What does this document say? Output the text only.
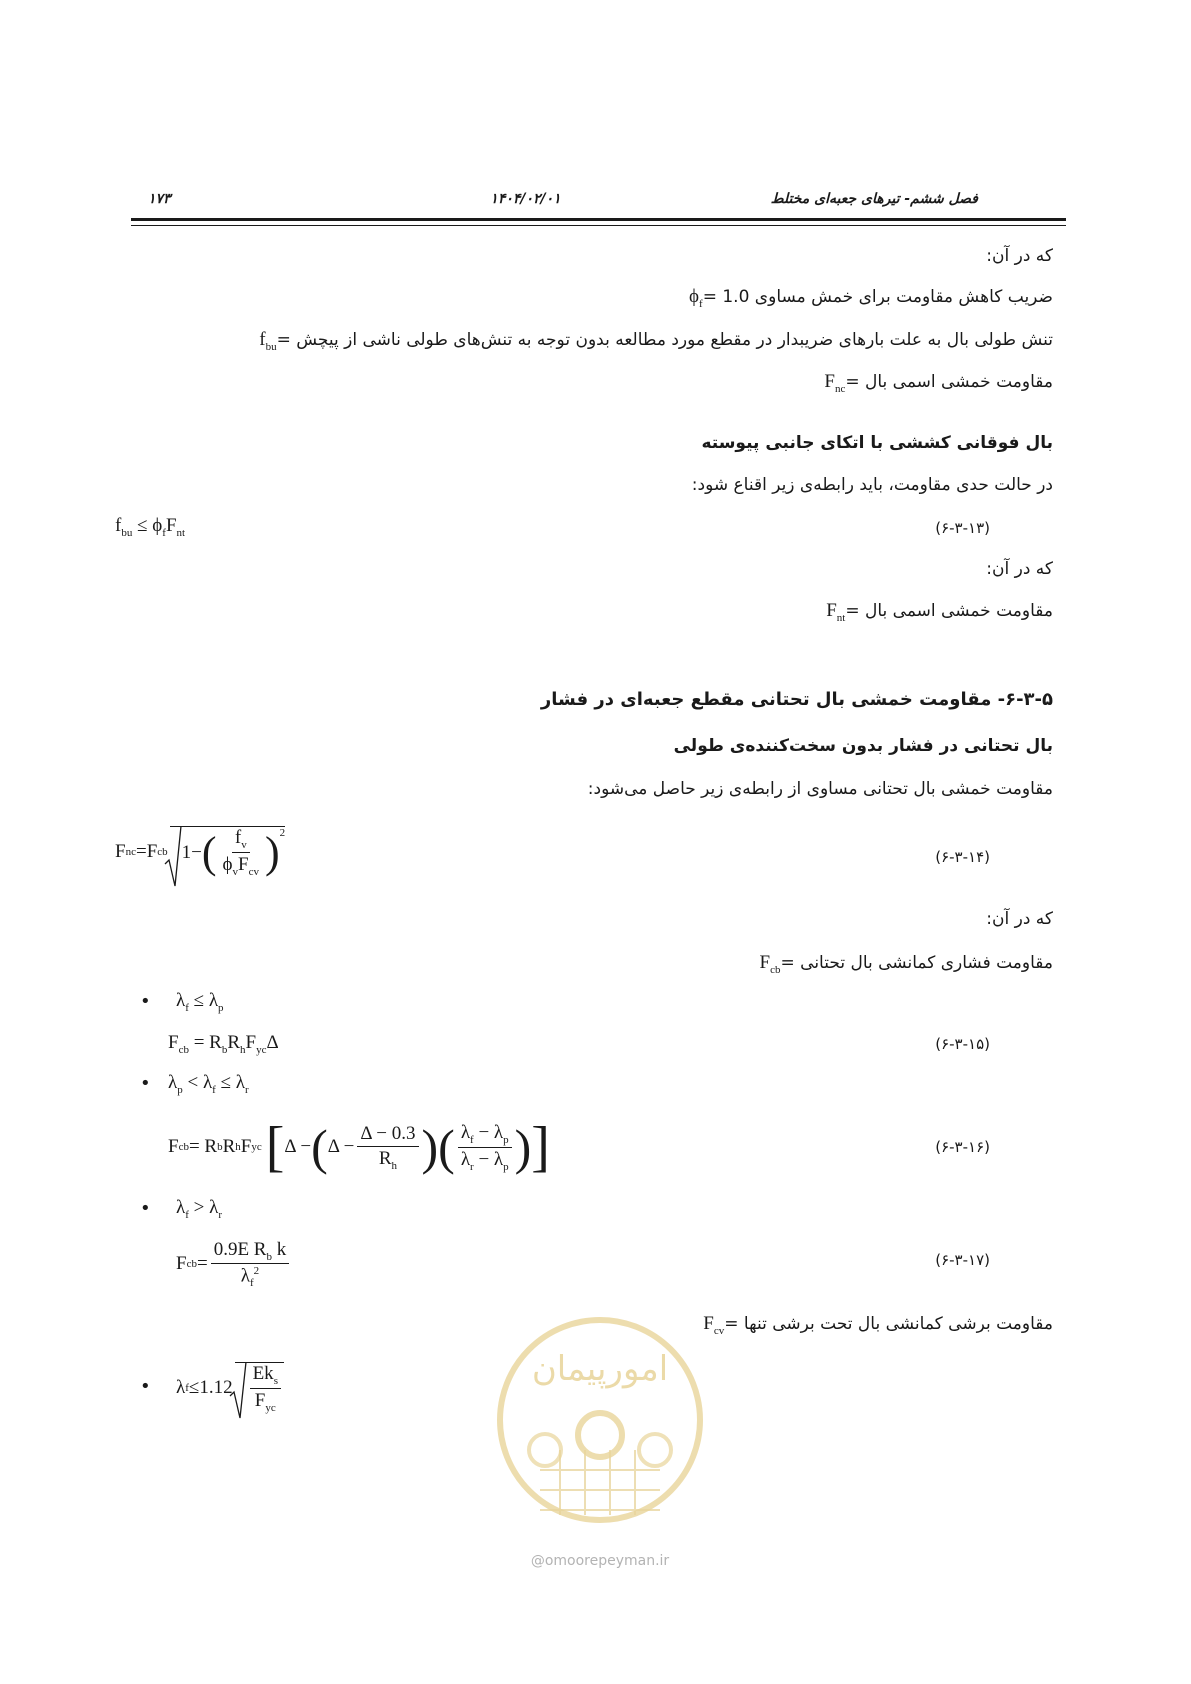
۱۷۳	۱۴۰۴/۰۲/۰۱	فصل ششم- تیرهای جعبه‌ای مختلط
که در آن:
$\phi_f=$ ضریب کاهش مقاومت برای خمش مساوی 1.0
$f_{bu}=$ تنش طولی بال به علت بارهای ضریبدار در مقطع مورد مطالعه بدون توجه به تنش‌های طولی ناشی از پیچش
$F_{nc}=$ مقاومت خمشی اسمی بال
بال فوقانی کششی با اتکای جانبی پیوسته
در حالت حدی مقاومت، باید رابطه‌ی زیر اقناع شود:
$f_{bu} \le \phi_fF_{nt}$	(۶-۳-۱۳)
که در آن:
$F_{nt}=$ مقاومت خمشی اسمی بال
۶-۳-۵- مقاومت خمشی بال تحتانی مقطع جعبه‌ای در فشار
بال تحتانی در فشار بدون سخت‌کننده‌ی طولی
مقاومت خمشی بال تحتانی مساوی از رابطه‌ی زیر حاصل می‌شود:
F nc = F cb 1− ( $\frac{f_v}{\phi_vF_{cv}} )^2$
(۶-۳-۱۴)
که در آن:
$F_{cb}=$ مقاومت فشاری کمانشی بال تحتانی
• $\lambda_f \le \lambda_p$
$F_{cb} = R_bR_hF_{yc}\Delta$	(۶-۳-۱۵)
• $\lambda_p < \lambda_f \le \lambda_r$
F cb = R b R h F yc [ Δ − ( $\Delta - \frac{\Delta - 0.3}{R_h}$ ) ( $\frac{\lambda_f - \lambda_p}{\lambda_r - \lambda_p}$ ) ]	(۶-۳-۱۶)
• $\lambda_f > \lambda_r$
F cb = $\frac{0.9E R_b k}{\lambda_f^2}$	(۶-۳-۱۷)
$F_{cv}=$ مقاومت برشی کمانشی بال تحت برشی تنها
• λ $f \le 1.12 \frac{Ek_s}{F_{yc}}$	امورپیمان
@omoorepeyman.ir
